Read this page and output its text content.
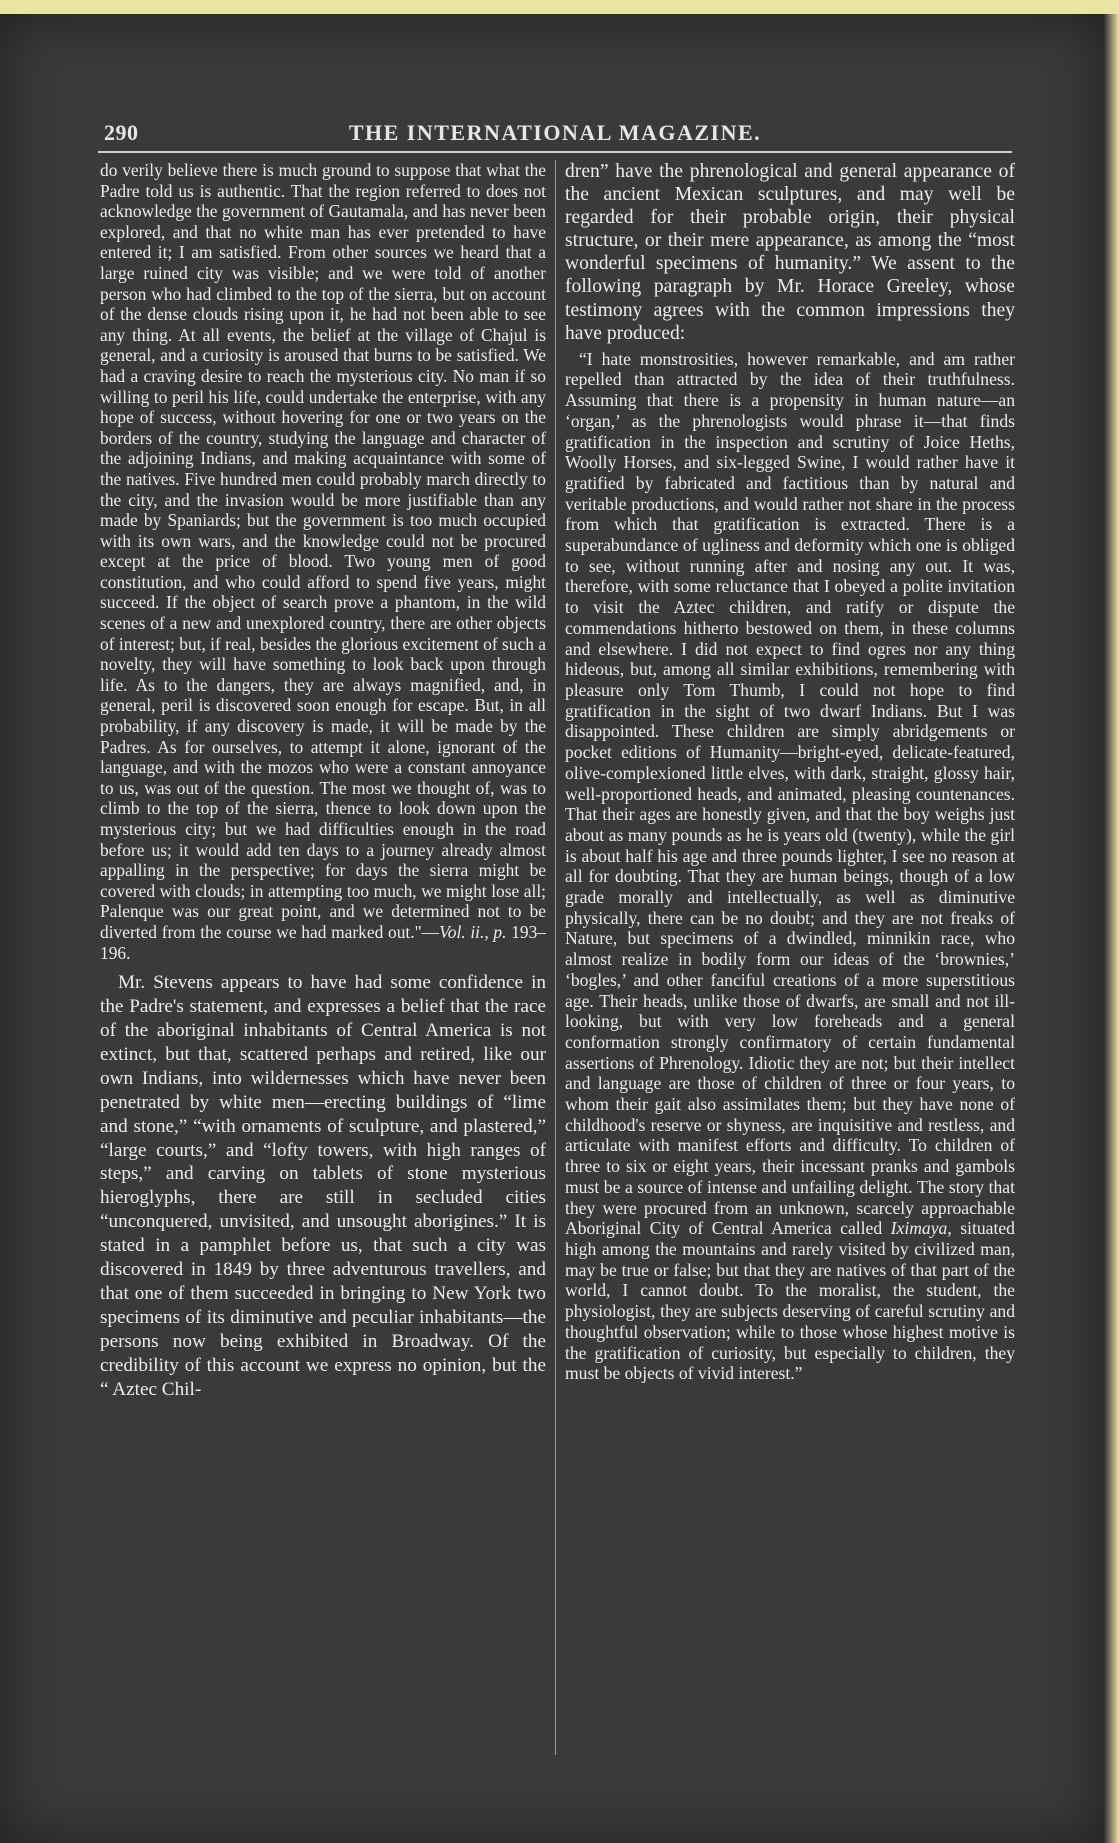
290	THE INTERNATIONAL MAGAZINE.

do verily believe there is much ground to suppose that what the Padre told us is authentic. That the region referred to does not acknowledge the government of Gautamala, and has never been explored, and that no white man has ever pretended to have entered it; I am satisfied. From other sources we heard that a large ruined city was visible; and we were told of another person who had climbed to the top of the sierra, but on account of the dense clouds rising upon it, he had not been able to see any thing. At all events, the belief at the village of Chajul is general, and a curiosity is aroused that burns to be satisfied. We had a craving desire to reach the mysterious city. No man if so willing to peril his life, could undertake the enterprise, with any hope of success, without hovering for one or two years on the borders of the country, studying the language and character of the adjoining Indians, and making acquaintance with some of the natives. Five hundred men could probably march directly to the city, and the invasion would be more justifiable than any made by Spaniards; but the government is too much occupied with its own wars, and the knowledge could not be procured except at the price of blood. Two young men of good constitution, and who could afford to spend five years, might succeed. If the object of search prove a phantom, in the wild scenes of a new and unexplored country, there are other objects of interest; but, if real, besides the glorious excitement of such a novelty, they will have something to look back upon through life. As to the dangers, they are always magnified, and, in general, peril is discovered soon enough for escape. But, in all probability, if any discovery is made, it will be made by the Padres. As for ourselves, to attempt it alone, ignorant of the language, and with the mozos who were a constant annoyance to us, was out of the question. The most we thought of, was to climb to the top of the sierra, thence to look down upon the mysterious city; but we had difficulties enough in the road before us; it would add ten days to a journey already almost appalling in the perspective; for days the sierra might be covered with clouds; in attempting too much, we might lose all; Palenque was our great point, and we determined not to be diverted from the course we had marked out."—Vol. ii., p. 193–196.

Mr. Stevens appears to have had some confidence in the Padre's statement, and expresses a belief that the race of the aboriginal inhabitants of Central America is not extinct, but that, scattered perhaps and retired, like our own Indians, into wildernesses which have never been penetrated by white men—erecting buildings of “lime and stone,” “with ornaments of sculpture, and plastered,” “large courts,” and “lofty towers, with high ranges of steps,” and carving on tablets of stone mysterious hieroglyphs, there are still in secluded cities “unconquered, unvisited, and unsought aborigines.” It is stated in a pamphlet before us, that such a city was discovered in 1849 by three adventurous travellers, and that one of them succeeded in bringing to New York two specimens of its diminutive and peculiar inhabitants—the persons now being exhibited in Broadway. Of the credibility of this account we express no opinion, but the “ Aztec Chil-

dren” have the phrenological and general appearance of the ancient Mexican sculptures, and may well be regarded for their probable origin, their physical structure, or their mere appearance, as among the “most wonderful specimens of humanity.” We assent to the following paragraph by Mr. Horace Greeley, whose testimony agrees with the common impressions they have produced:

“I hate monstrosities, however remarkable, and am rather repelled than attracted by the idea of their truthfulness. Assuming that there is a propensity in human nature—an ‘organ,’ as the phrenologists would phrase it—that finds gratification in the inspection and scrutiny of Joice Heths, Woolly Horses, and six-legged Swine, I would rather have it gratified by fabricated and factitious than by natural and veritable productions, and would rather not share in the process from which that gratification is extracted. There is a superabundance of ugliness and deformity which one is obliged to see, without running after and nosing any out. It was, therefore, with some reluctance that I obeyed a polite invitation to visit the Aztec children, and ratify or dispute the commendations hitherto bestowed on them, in these columns and elsewhere. I did not expect to find ogres nor any thing hideous, but, among all similar exhibitions, remembering with pleasure only Tom Thumb, I could not hope to find gratification in the sight of two dwarf Indians. But I was disappointed. These children are simply abridgements or pocket editions of Humanity—bright-eyed, delicate-featured, olive-complexioned little elves, with dark, straight, glossy hair, well-proportioned heads, and animated, pleasing countenances. That their ages are honestly given, and that the boy weighs just about as many pounds as he is years old (twenty), while the girl is about half his age and three pounds lighter, I see no reason at all for doubting. That they are human beings, though of a low grade morally and intellectually, as well as diminutive physically, there can be no doubt; and they are not freaks of Nature, but specimens of a dwindled, minnikin race, who almost realize in bodily form our ideas of the ‘brownies,’ ‘bogles,’ and other fanciful creations of a more superstitious age. Their heads, unlike those of dwarfs, are small and not ill-looking, but with very low foreheads and a general conformation strongly confirmatory of certain fundamental assertions of Phrenology. Idiotic they are not; but their intellect and language are those of children of three or four years, to whom their gait also assimilates them; but they have none of childhood's reserve or shyness, are inquisitive and restless, and articulate with manifest efforts and difficulty. To children of three to six or eight years, their incessant pranks and gambols must be a source of intense and unfailing delight. The story that they were procured from an unknown, scarcely approachable Aboriginal City of Central America called Iximaya, situated high among the mountains and rarely visited by civilized man, may be true or false; but that they are natives of that part of the world, I cannot doubt. To the moralist, the student, the physiologist, they are subjects deserving of careful scrutiny and thoughtful observation; while to those whose highest motive is the gratification of curiosity, but especially to children, they must be objects of vivid interest.”
